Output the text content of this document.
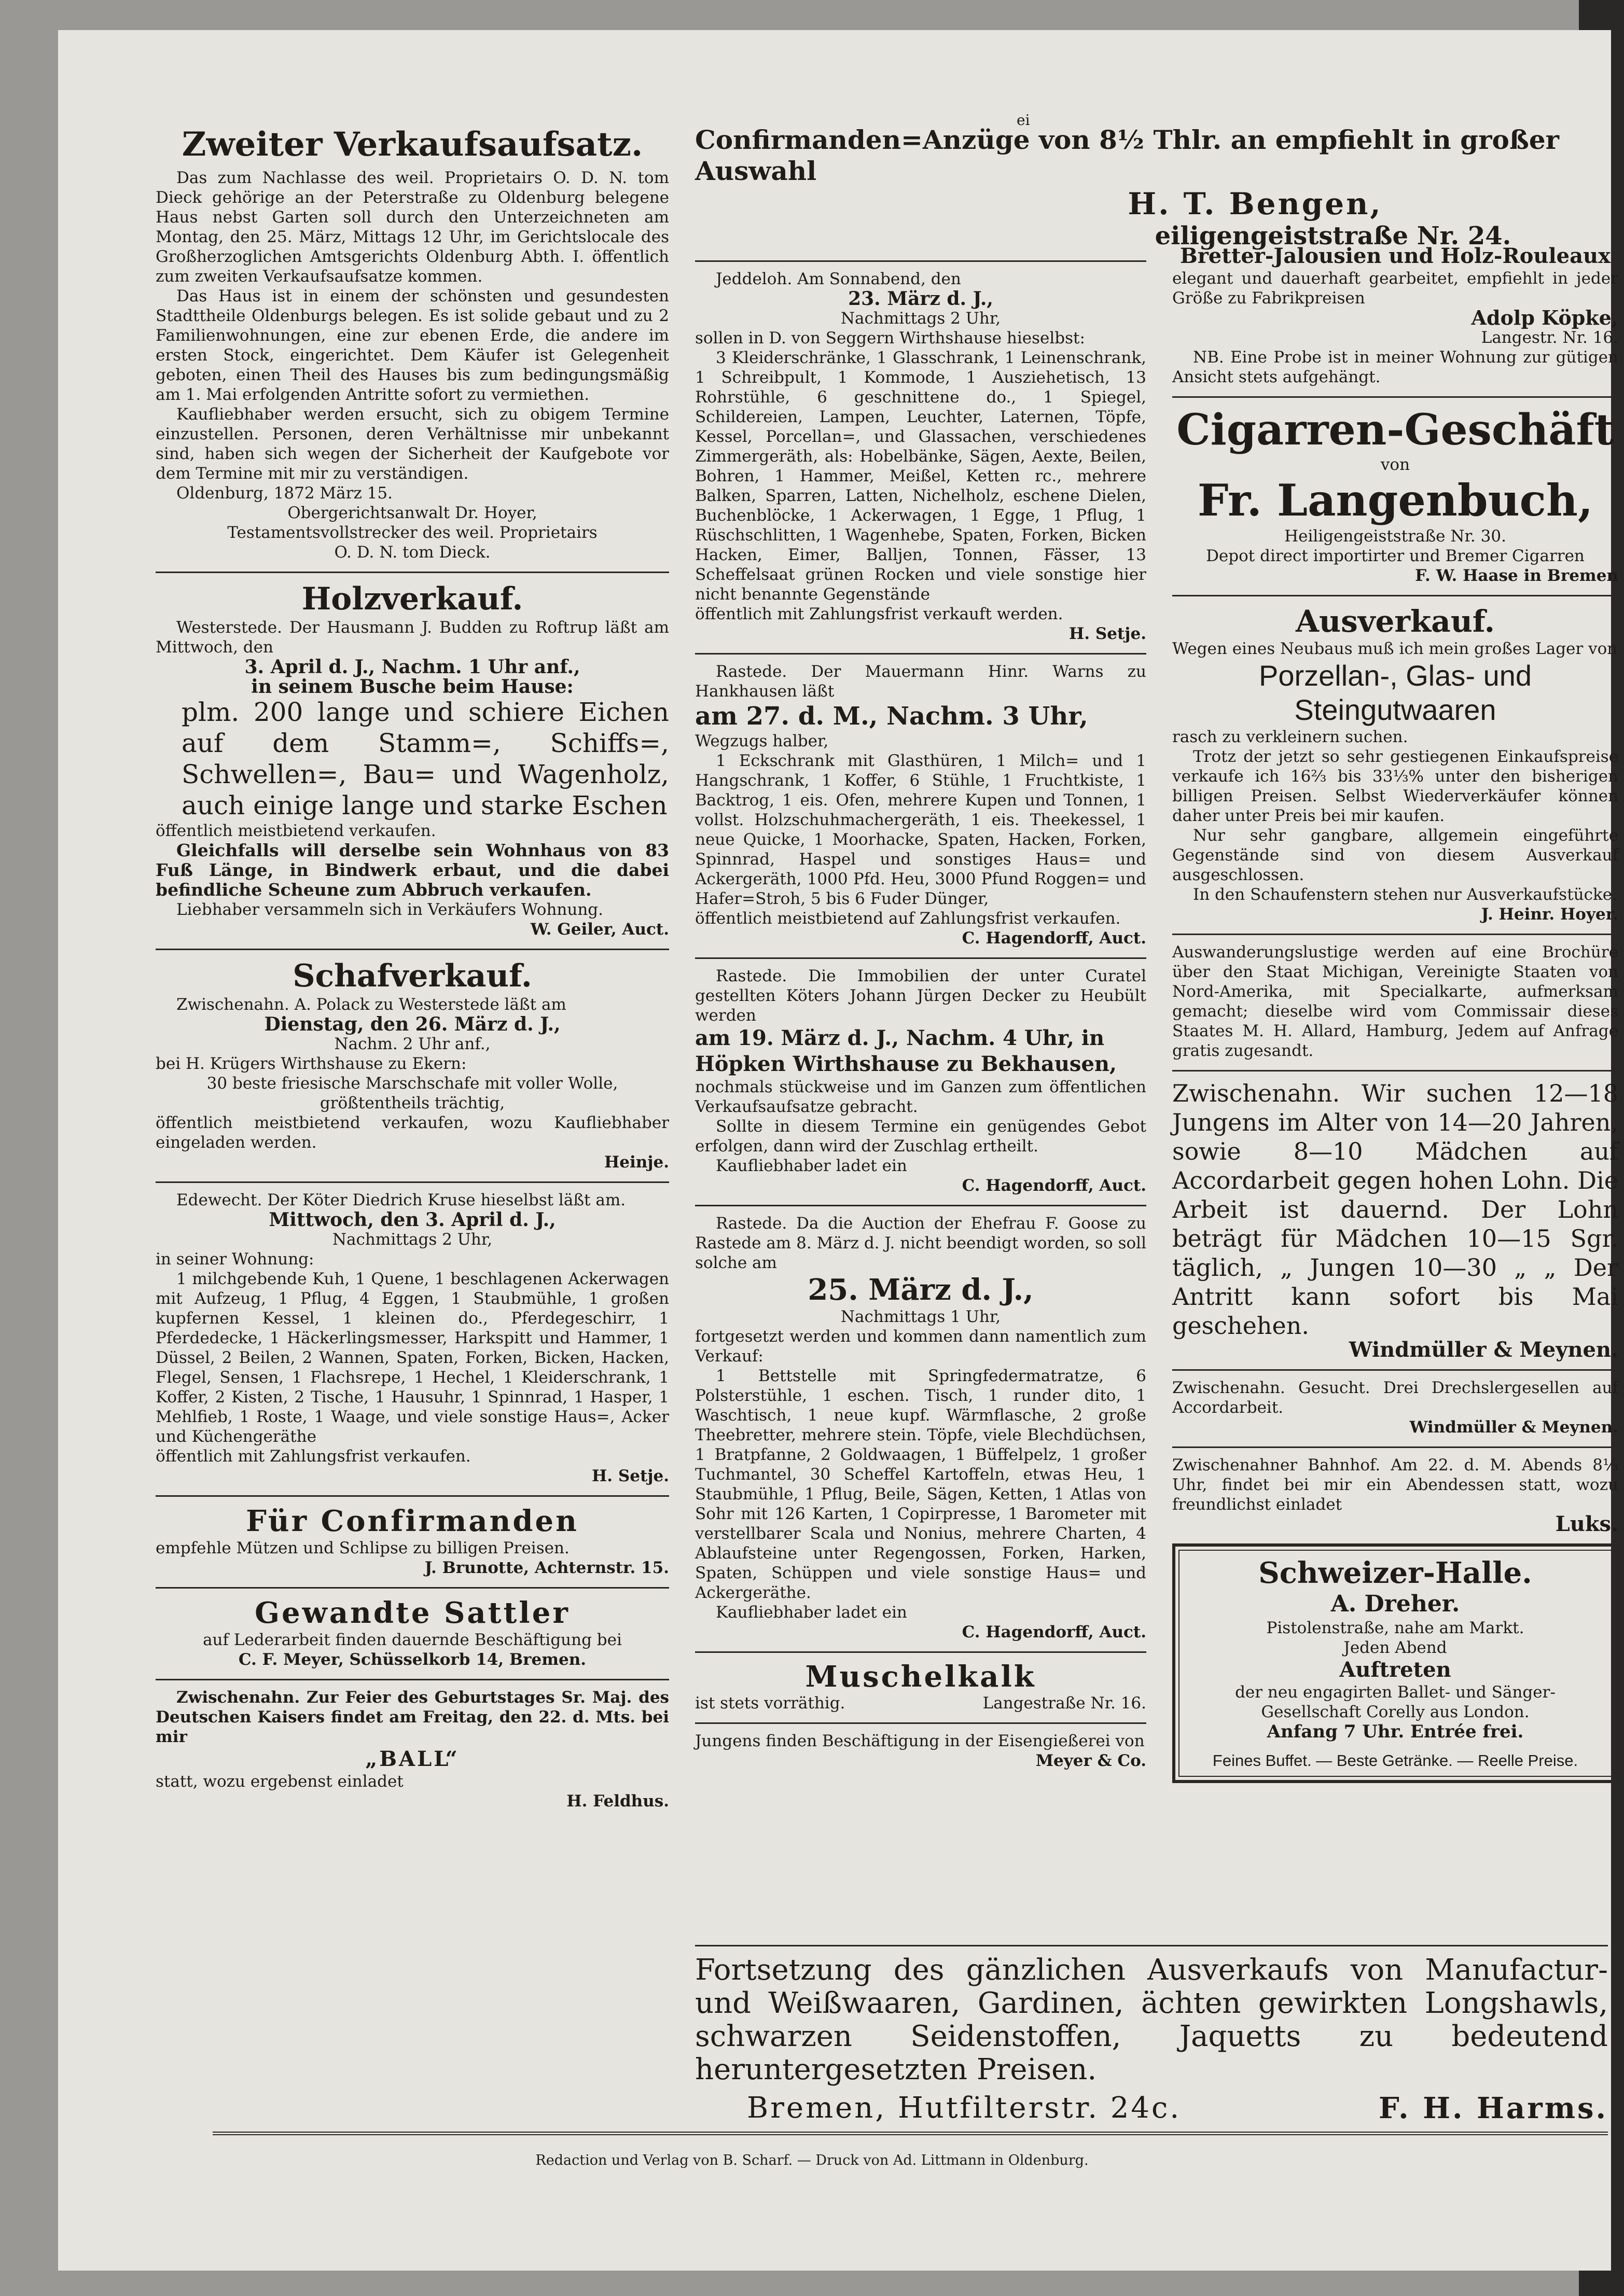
ei

Zweiter Verkaufsaufsatz.

Das zum Nachlasse des weil. Proprietairs O. D. N. tom Dieck gehörige an der Peterstraße zu Oldenburg belegene Haus nebst Garten soll durch den Unterzeichneten am Montag, den 25. März, Mittags 12 Uhr, im Gerichtslocale des Großherzoglichen Amtsgerichts Oldenburg Abth. I. öffentlich zum zweiten Verkaufsaufsatze kommen.

Das Haus ist in einem der schönsten und gesundesten Stadttheile Oldenburgs belegen. Es ist solide gebaut und zu 2 Familienwohnungen, eine zur ebenen Erde, die andere im ersten Stock, eingerichtet. Dem Käufer ist Gelegenheit geboten, einen Theil des Hauses bis zum bedingungsmäßig am 1. Mai erfolgenden Antritte sofort zu vermiethen.

Kaufliebhaber werden ersucht, sich zu obigem Termine einzustellen. Personen, deren Verhältnisse mir unbekannt sind, haben sich wegen der Sicherheit der Kaufgebote vor dem Termine mit mir zu verständigen.

Oldenburg, 1872 März 15.

Obergerichtsanwalt Dr. Hoyer,

Testamentsvollstrecker des weil. Proprietairs

O. D. N. tom Dieck.

Holzverkauf.

Westerstede. Der Hausmann J. Budden zu Roftrup läßt am Mittwoch, den

3. April d. J., Nachm. 1 Uhr anf.,

in seinem Busche beim Hause:

plm. 200 lange und schiere Eichen auf dem Stamm=, Schiffs=, Schwellen=, Bau= und Wagenholz, auch einige lange und starke Eschen

öffentlich meistbietend verkaufen.

Gleichfalls will derselbe sein Wohnhaus von 83 Fuß Länge, in Bindwerk erbaut, und die dabei befindliche Scheune zum Abbruch verkaufen.

Liebhaber versammeln sich in Verkäufers Wohnung.

W. Geiler, Auct.

Schafverkauf.

Zwischenahn. A. Polack zu Westerstede läßt am

Dienstag, den 26. März d. J.,

Nachm. 2 Uhr anf.,

bei H. Krügers Wirthshause zu Ekern:

30 beste friesische Marschschafe mit voller Wolle, größtentheils trächtig,

öffentlich meistbietend verkaufen, wozu Kaufliebhaber eingeladen werden.

Heinje.

Edewecht. Der Köter Diedrich Kruse hieselbst läßt am.

Mittwoch, den 3. April d. J.,

Nachmittags 2 Uhr,

in seiner Wohnung:

1 milchgebende Kuh, 1 Quene, 1 beschlagenen Ackerwagen mit Aufzeug, 1 Pflug, 4 Eggen, 1 Staubmühle, 1 großen kupfernen Kessel, 1 kleinen do., Pferdegeschirr, 1 Pferdedecke, 1 Häckerlingsmesser, Harkspitt und Hammer, 1 Düssel, 2 Beilen, 2 Wannen, Spaten, Forken, Bicken, Hacken, Flegel, Sensen, 1 Flachsrepe, 1 Hechel, 1 Kleiderschrank, 1 Koffer, 2 Kisten, 2 Tische, 1 Hausuhr, 1 Spinnrad, 1 Hasper, 1 Mehlfieb, 1 Roste, 1 Waage, und viele sonstige Haus=, Acker und Küchengeräthe

öffentlich mit Zahlungsfrist verkaufen.

H. Setje.

Für Confirmanden

empfehle Mützen und Schlipse zu billigen Preisen.

J. Brunotte, Achternstr. 15.

Gewandte Sattler

auf Lederarbeit finden dauernde Beschäftigung bei

C. F. Meyer, Schüsselkorb 14, Bremen.

Zwischenahn. Zur Feier des Geburtstages Sr. Maj. des Deutschen Kaisers findet am Freitag, den 22. d. Mts. bei mir

„BALL“

statt, wozu ergebenst einladet

H. Feldhus.

Confirmanden=Anzüge von 8½ Thlr. an empfiehlt in großer Auswahl

H. T. Bengen,

eiligengeiststraße Nr. 24.

Jeddeloh. Am Sonnabend, den

23. März d. J.,

Nachmittags 2 Uhr,

sollen in D. von Seggern Wirthshause hieselbst:

3 Kleiderschränke, 1 Glasschrank, 1 Leinenschrank, 1 Schreibpult, 1 Kommode, 1 Ausziehetisch, 13 Rohrstühle, 6 geschnittene do., 1 Spiegel, Schildereien, Lampen, Leuchter, Laternen, Töpfe, Kessel, Porcellan=, und Glassachen, verschiedenes Zimmergeräth, als: Hobelbänke, Sägen, Aexte, Beilen, Bohren, 1 Hammer, Meißel, Ketten rc., mehrere Balken, Sparren, Latten, Nichelholz, eschene Dielen, Buchenblöcke, 1 Ackerwagen, 1 Egge, 1 Pflug, 1 Rüschschlitten, 1 Wagenhebe, Spaten, Forken, Bicken Hacken, Eimer, Balljen, Tonnen, Fässer, 13 Scheffelsaat grünen Rocken und viele sonstige hier nicht benannte Gegenstände

öffentlich mit Zahlungsfrist verkauft werden.

H. Setje.

Rastede. Der Mauermann Hinr. Warns zu Hankhausen läßt

am 27. d. M., Nachm. 3 Uhr,

Wegzugs halber,

1 Eckschrank mit Glasthüren, 1 Milch= und 1 Hangschrank, 1 Koffer, 6 Stühle, 1 Fruchtkiste, 1 Backtrog, 1 eis. Ofen, mehrere Kupen und Tonnen, 1 vollst. Holzschuhmachergeräth, 1 eis. Theekessel, 1 neue Quicke, 1 Moorhacke, Spaten, Hacken, Forken, Spinnrad, Haspel und sonstiges Haus= und Ackergeräth, 1000 Pfd. Heu, 3000 Pfund Roggen= und Hafer=Stroh, 5 bis 6 Fuder Dünger,

öffentlich meistbietend auf Zahlungsfrist verkaufen.

C. Hagendorff, Auct.

Rastede. Die Immobilien der unter Curatel gestellten Köters Johann Jürgen Decker zu Heubült werden

am 19. März d. J., Nachm. 4 Uhr, in Höpken Wirthshause zu Bekhausen,

nochmals stückweise und im Ganzen zum öffentlichen Verkaufsaufsatze gebracht.

Sollte in diesem Termine ein genügendes Gebot erfolgen, dann wird der Zuschlag ertheilt.

Kaufliebhaber ladet ein

C. Hagendorff, Auct.

Rastede. Da die Auction der Ehefrau F. Goose zu Rastede am 8. März d. J. nicht beendigt worden, so soll solche am

25. März d. J.,

Nachmittags 1 Uhr,

fortgesetzt werden und kommen dann namentlich zum Verkauf:

1 Bettstelle mit Springfedermatratze, 6 Polsterstühle, 1 eschen. Tisch, 1 runder dito, 1 Waschtisch, 1 neue kupf. Wärmflasche, 2 große Theebretter, mehrere stein. Töpfe, viele Blechdüchsen, 1 Bratpfanne, 2 Goldwaagen, 1 Büffelpelz, 1 großer Tuchmantel, 30 Scheffel Kartoffeln, etwas Heu, 1 Staubmühle, 1 Pflug, Beile, Sägen, Ketten, 1 Atlas von Sohr mit 126 Karten, 1 Copirpresse, 1 Barometer mit verstellbarer Scala und Nonius, mehrere Charten, 4 Ablaufsteine unter Regengossen, Forken, Harken, Spaten, Schüppen und viele sonstige Haus= und Ackergeräthe.

Kaufliebhaber ladet ein

C. Hagendorff, Auct.

Muschelkalk

ist stets vorräthig.	Langestraße Nr. 16.

Jungens finden Beschäftigung in der Eisengießerei von

Meyer & Co.

Bretter-Jalousien und Holz-Rouleaux

elegant und dauerhaft gearbeitet, empfiehlt in jeder Größe zu Fabrikpreisen

Adolp Köpke,

Langestr. Nr. 16.

NB. Eine Probe ist in meiner Wohnung zur gütigen Ansicht stets aufgehängt.

Cigarren-Geschäft

von

Fr. Langenbuch,

Heiligengeiststraße Nr. 30.

Depot direct importirter und Bremer Cigarren

F. W. Haase in Bremen

Ausverkauf.

Wegen eines Neubaus muß ich mein großes Lager von

Porzellan-, Glas- und Steingutwaaren

rasch zu verkleinern suchen.

Trotz der jetzt so sehr gestiegenen Einkaufspreise verkaufe ich 16⅔ bis 33⅓% unter den bisherigen billigen Preisen. Selbst Wiederverkäufer können daher unter Preis bei mir kaufen.

Nur sehr gangbare, allgemein eingeführte Gegenstände sind von diesem Ausverkauf ausgeschlossen.

In den Schaufenstern stehen nur Ausverkaufstücke.

J. Heinr. Hoyer.

Auswanderungslustige werden auf eine Brochüre über den Staat Michigan, Vereinigte Staaten von Nord-Amerika, mit Specialkarte, aufmerksam gemacht; dieselbe wird vom Commissair dieses Staates M. H. Allard, Hamburg, Jedem auf Anfrage gratis zugesandt.

Zwischenahn. Wir suchen 12—18 Jungens im Alter von 14—20 Jahren, sowie 8—10 Mädchen auf Accordarbeit gegen hohen Lohn. Die Arbeit ist dauernd. Der Lohn beträgt für Mädchen 10—15 Sgr. täglich, „ Jungen 10—30 „ „ Der Antritt kann sofort bis Mai geschehen.

Windmüller & Meynen.

Zwischenahn. Gesucht. Drei Drechslergesellen auf Accordarbeit.

Windmüller & Meynen.

Zwischenahner Bahnhof. Am 22. d. M. Abends 8⅓ Uhr, findet bei mir ein Abendessen statt, wozu freundlichst einladet

Luks.

Schweizer-Halle.

A. Dreher.

Pistolenstraße, nahe am Markt.

Jeden Abend

Auftreten

der neu engagirten Ballet- und Sänger-Gesellschaft Corelly aus London.

Anfang 7 Uhr. Entrée frei.

Feines Buffet. — Beste Getränke. — Reelle Preise.

Fortsetzung des gänzlichen Ausverkaufs von Manufactur- und Weißwaaren, Gardinen, ächten gewirkten Longshawls, schwarzen Seidenstoffen, Jaquetts zu bedeutend heruntergesetzten Preisen.

Bremen, Hutfilterstr. 24c.	F. H. Harms.

Redaction und Verlag von B. Scharf. — Druck von Ad. Littmann in Oldenburg.
